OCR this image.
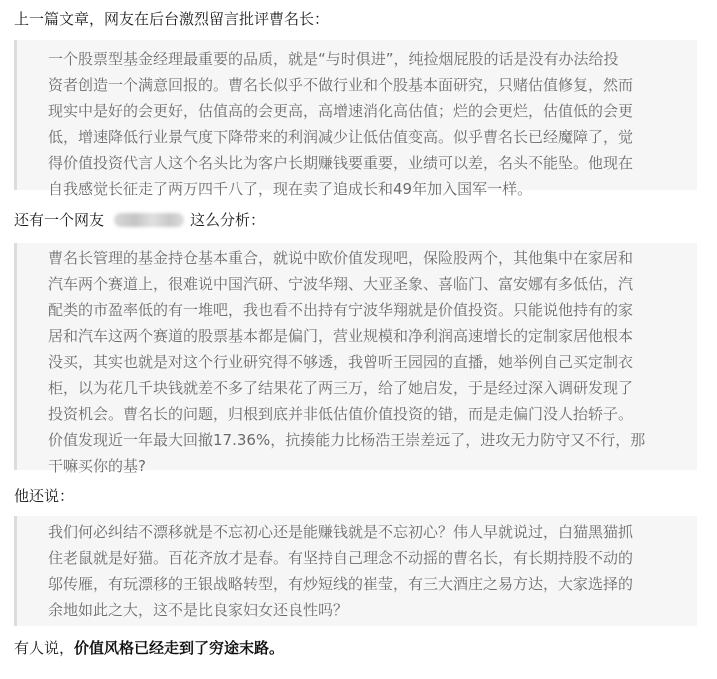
上一篇文章，网友在后台激烈留言批评曹名长：
一个股票型基金经理最重要的品质，就是“与时俱进”，纯捡烟屁股的话是没有办法给投
资者创造一个满意回报的。曹名长似乎不做行业和个股基本面研究，只赌估值修复，然而
现实中是好的会更好，估值高的会更高，高增速消化高估值；烂的会更烂，估值低的会更
低，增速降低行业景气度下降带来的利润减少让低估值变高。似乎曹名长已经魔障了，觉
得价值投资代言人这个名头比为客户长期赚钱要重要，业绩可以差，名头不能坠。他现在
自我感觉长征走了两万四千八了，现在卖了追成长和49年加入国军一样。
还有一个网友	这么分析：
曹名长管理的基金持仓基本重合，就说中欧价值发现吧，保险股两个，其他集中在家居和
汽车两个赛道上，很难说中国汽研、宁波华翔、大亚圣象、喜临门、富安娜有多低估，汽
配类的市盈率低的有一堆吧，我也看不出持有宁波华翔就是价值投资。只能说他持有的家
居和汽车这两个赛道的股票基本都是偏门，营业规模和净利润高速增长的定制家居他根本
没买，其实也就是对这个行业研究得不够透，我曾听王园园的直播，她举例自己买定制衣
柜，以为花几千块钱就差不多了结果花了两三万，给了她启发，于是经过深入调研发现了
投资机会。曹名长的问题，归根到底并非低估值价值投资的错，而是走偏门没人抬轿子。
价值发现近一年最大回撤17.36%，抗揍能力比杨浩王崇差远了，进攻无力防守又不行，那
干嘛买你的基?
他还说：
我们何必纠结不漂移就是不忘初心还是能赚钱就是不忘初心？伟人早就说过，白猫黑猫抓
住老鼠就是好猫。百花齐放才是春。有坚持自己理念不动摇的曹名长，有长期持股不动的
邬传雁，有玩漂移的王银战略转型，有炒短线的崔莹，有三大酒庄之易方达，大家选择的
余地如此之大，这不是比良家妇女还良性吗？
有人说，价值风格已经走到了穷途末路。
